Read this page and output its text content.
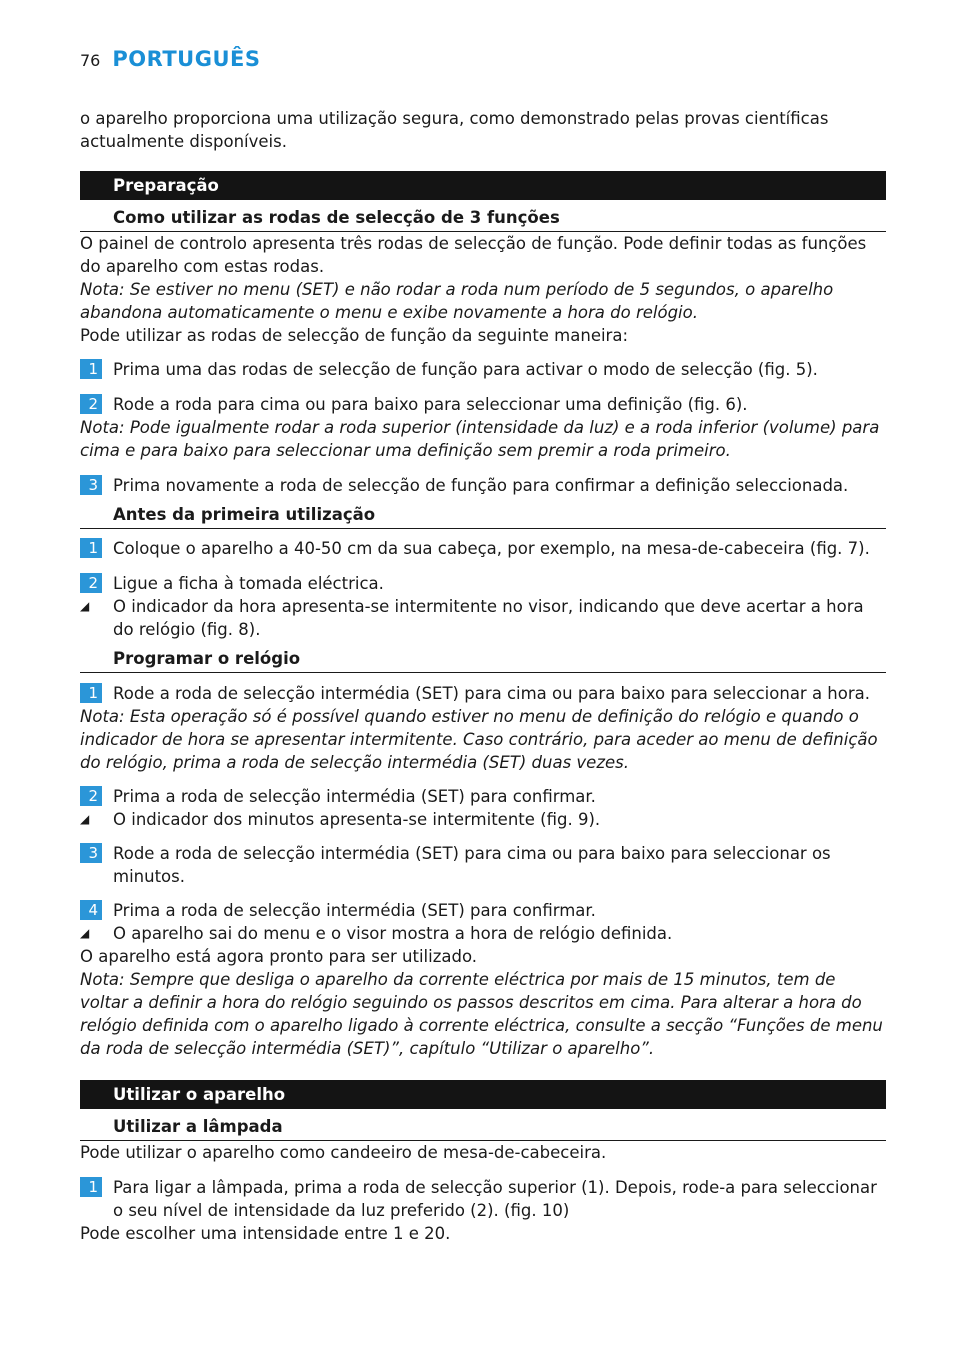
76 PORTUGUÊS

o aparelho proporciona uma utilização segura, como demonstrado pelas provas científicas actualmente disponíveis.

Preparação
Como utilizar as rodas de selecção de 3 funções

O painel de controlo apresenta três rodas de selecção de função. Pode definir todas as funções do aparelho com estas rodas.

Nota: Se estiver no menu (SET) e não rodar a roda num período de 5 segundos, o aparelho abandona automaticamente o menu e exibe novamente a hora do relógio.

Pode utilizar as rodas de selecção de função da seguinte maneira:

1 Prima uma das rodas de selecção de função para activar o modo de selecção (fig. 5).
2 Rode a roda para cima ou para baixo para seleccionar uma definição (fig. 6).

Nota: Pode igualmente rodar a roda superior (intensidade da luz) e a roda inferior (volume) para cima e para baixo para seleccionar uma definição sem premir a roda primeiro.

3 Prima novamente a roda de selecção de função para confirmar a definição seleccionada.
Antes da primeira utilização
1 Coloque o aparelho a 40-50 cm da sua cabeça, por exemplo, na mesa-de-cabeceira (fig. 7).
2 Ligue a ficha à tomada eléctrica.
◢	O indicador da hora apresenta-se intermitente no visor, indicando que deve acertar a hora do relógio (fig. 8).
Programar o relógio
1 Rode a roda de selecção intermédia (SET) para cima ou para baixo para seleccionar a hora.

Nota: Esta operação só é possível quando estiver no menu de definição do relógio e quando o indicador de hora se apresentar intermitente. Caso contrário, para aceder ao menu de definição do relógio, prima a roda de selecção intermédia (SET) duas vezes.

2 Prima a roda de selecção intermédia (SET) para confirmar.
◢	O indicador dos minutos apresenta-se intermitente (fig. 9).
3 Rode a roda de selecção intermédia (SET) para cima ou para baixo para seleccionar os minutos.
4 Prima a roda de selecção intermédia (SET) para confirmar.
◢	O aparelho sai do menu e o visor mostra a hora de relógio definida.

O aparelho está agora pronto para ser utilizado.

Nota: Sempre que desliga o aparelho da corrente eléctrica por mais de 15 minutos, tem de voltar a definir a hora do relógio seguindo os passos descritos em cima. Para alterar a hora do relógio definida com o aparelho ligado à corrente eléctrica, consulte a secção “Funções de menu da roda de selecção intermédia (SET)”, capítulo “Utilizar o aparelho”.

Utilizar o aparelho
Utilizar a lâmpada

Pode utilizar o aparelho como candeeiro de mesa-de-cabeceira.

1 Para ligar a lâmpada, prima a roda de selecção superior (1). Depois, rode-a para seleccionar o seu nível de intensidade da luz preferido (2). (fig. 10)

Pode escolher uma intensidade entre 1 e 20.
